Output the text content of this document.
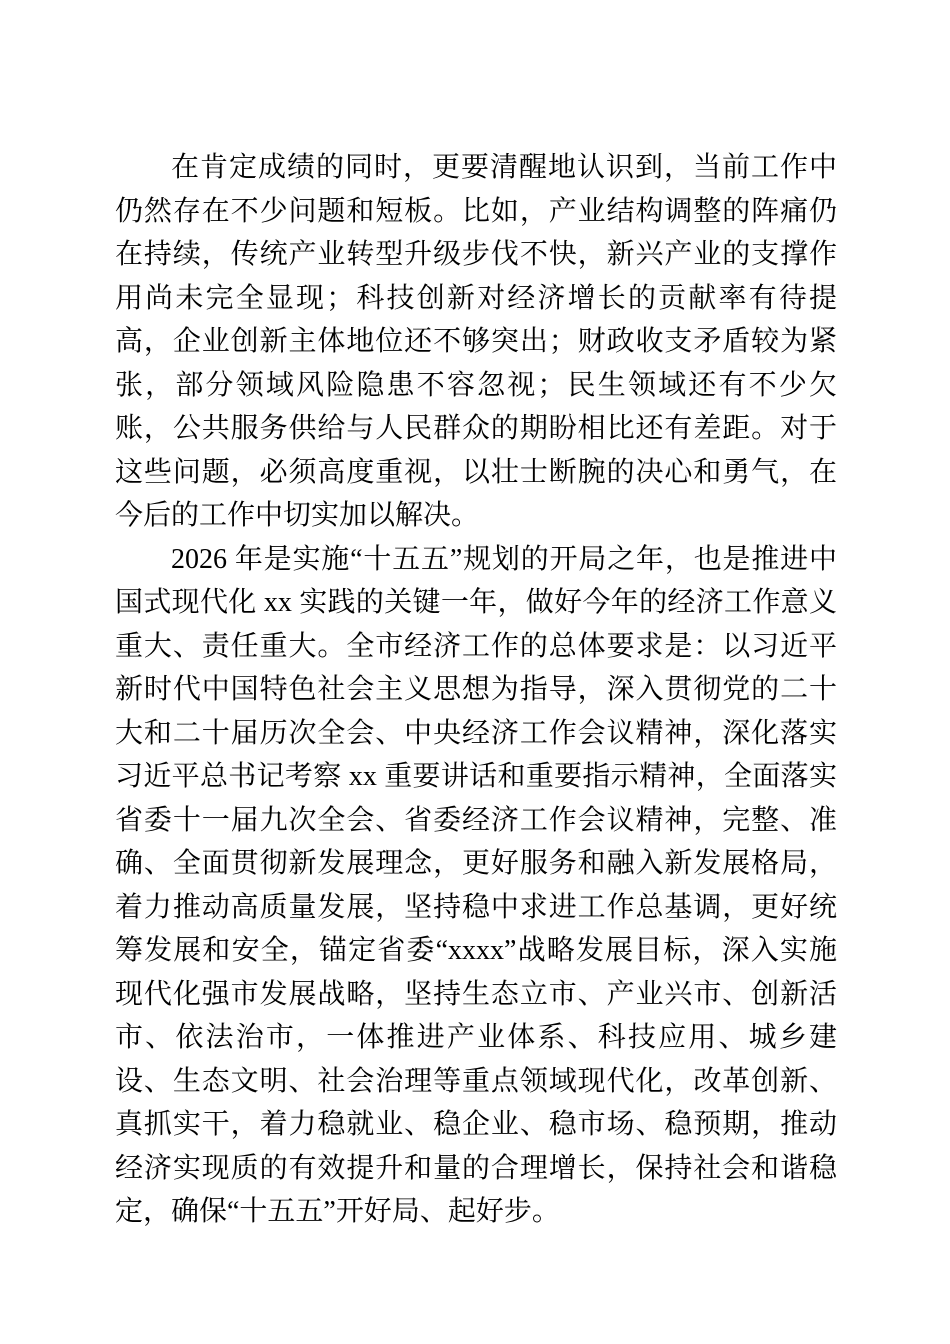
在肯定成绩的同时，更要清醒地认识到，当前工作中仍然存在不少问题和短板。比如，产业结构调整的阵痛仍在持续，传统产业转型升级步伐不快，新兴产业的支撑作用尚未完全显现；科技创新对经济增长的贡献率有待提高，企业创新主体地位还不够突出；财政收支矛盾较为紧张，部分领域风险隐患不容忽视；民生领域还有不少欠账，公共服务供给与人民群众的期盼相比还有差距。对于这些问题，必须高度重视，以壮士断腕的决心和勇气，在今后的工作中切实加以解决。

2026 年是实施“十五五”规划的开局之年，也是推进中国式现代化 xx 实践的关键一年，做好今年的经济工作意义重大、责任重大。全市经济工作的总体要求是：以习近平新时代中国特色社会主义思想为指导，深入贯彻党的二十大和二十届历次全会、中央经济工作会议精神，深化落实习近平总书记考察 xx 重要讲话和重要指示精神，全面落实省委十一届九次全会、省委经济工作会议精神，完整、准确、全面贯彻新发展理念，更好服务和融入新发展格局，着力推动高质量发展，坚持稳中求进工作总基调，更好统筹发展和安全，锚定省委“xxxx”战略发展目标，深入实施现代化强市发展战略，坚持生态立市、产业兴市、创新活市、依法治市，一体推进产业体系、科技应用、城乡建设、生态文明、社会治理等重点领域现代化，改革创新、真抓实干，着力稳就业、稳企业、稳市场、稳预期，推动经济实现质的有效提升和量的合理增长，保持社会和谐稳定，确保“十五五”开好局、起好步。
